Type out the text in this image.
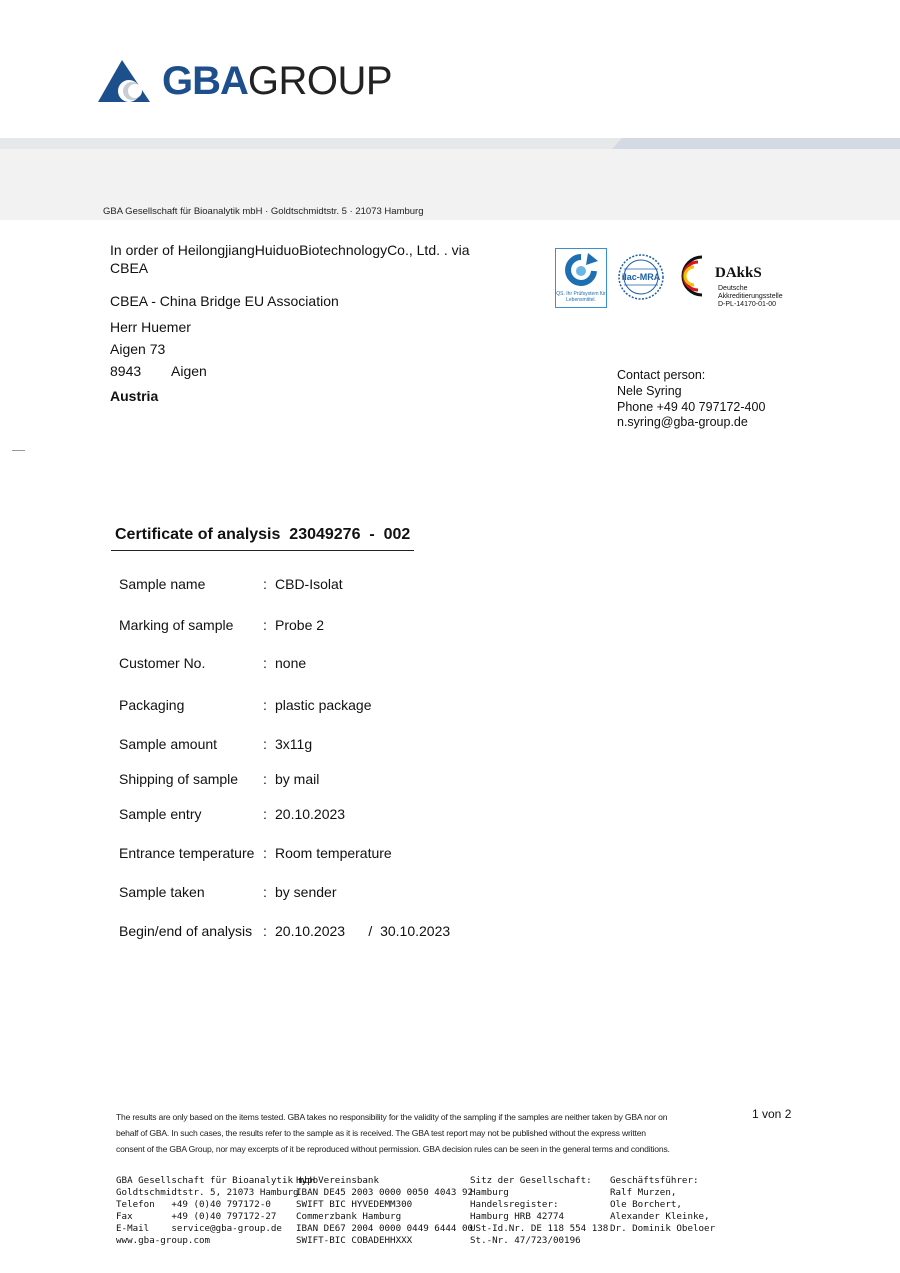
GBA GROUP
GBA Gesellschaft für Bioanalytik mbH · Goldtschmidtstr. 5 · 21073 Hamburg
In order of HeilongjiangHuiduoBiotechnologyCo., Ltd. . via CBEA
CBEA - China Bridge EU Association
Herr Huemer
Aigen 73
8943 Aigen
Austria
QS. Ihr Prüfsystem für Lebensmittel.
ilac-MRA	DAkkS
Deutsche
Akkreditierungsstelle
D-PL-14170-01-00
Contact person:
Nele Syring
Phone +49 40 797172-400
n.syring@gba-group.de
Certificate of analysis  23049276  -  002
Sample name	: CBD-Isolat
Marking of sample	: Probe 2
Customer No.	: none
Packaging	: plastic package
Sample amount	: 3x11g
Shipping of sample	: by mail
Sample entry	: 20.10.2023
Entrance temperature : Room temperature
Sample taken	: by sender
Begin/end of analysis : 20.10.2023      /  30.10.2023
The results are only based on the items tested. GBA takes no responsibility for the validity of the sampling if the samples are neither taken by GBA nor on behalf of GBA. In such cases, the results refer to the sample as it is received. The GBA test report may not be published without the express written consent of the GBA Group, nor may excerpts of it be reproduced without permission. GBA decision rules can be seen in the general terms and conditions.
1 von 2
GBA Gesellschaft für Bioanalytik mbH
Goldtschmidtstr. 5, 21073 Hamburg
Telefon   +49 (0)40 797172-0
Fax       +49 (0)40 797172-27
E-Mail    service@gba-group.de
www.gba-group.com
HypoVereinsbank
IBAN DE45 2003 0000 0050 4043 92
SWIFT BIC HYVEDEMM300
Commerzbank Hamburg
IBAN DE67 2004 0000 0449 6444 00
SWIFT-BIC COBADEHHXXX
Sitz der Gesellschaft:
Hamburg
Handelsregister:
Hamburg HRB 42774
USt-Id.Nr. DE 118 554 138
St.-Nr. 47/723/00196
Geschäftsführer:
Ralf Murzen,
Ole Borchert,
Alexander Kleinke,
Dr. Dominik Obeloer
